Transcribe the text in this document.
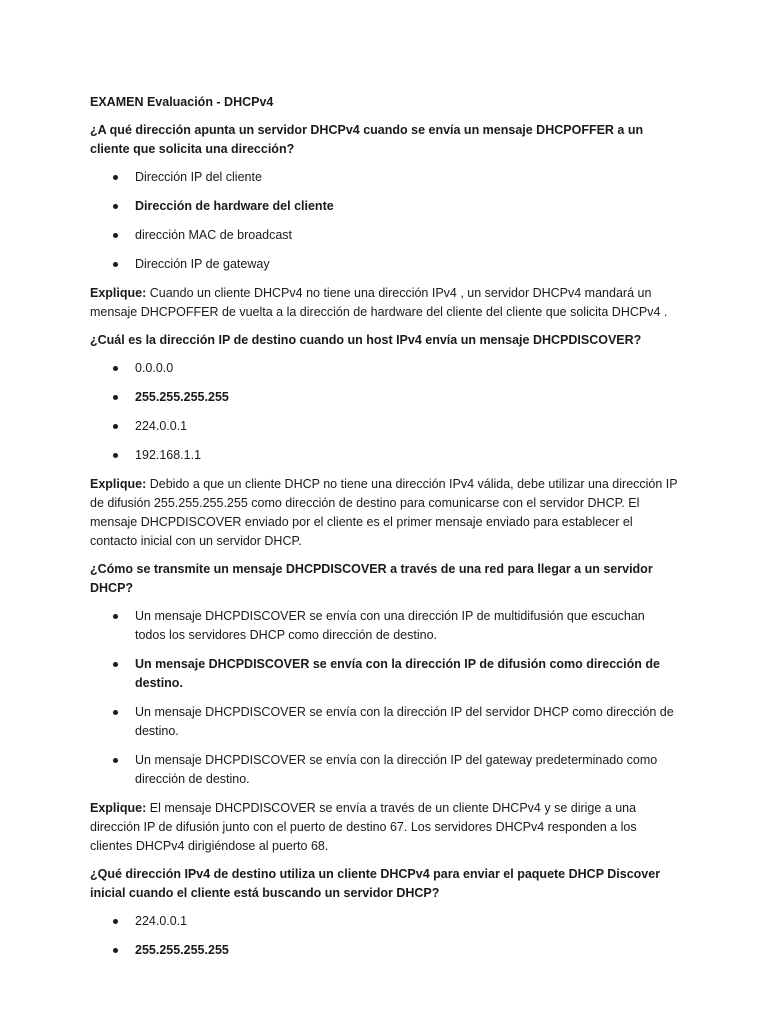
EXAMEN Evaluación - DHCPv4
¿A qué dirección apunta un servidor DHCPv4 cuando se envía un mensaje DHCPOFFER a un cliente que solicita una dirección?
Dirección IP del cliente
Dirección de hardware del cliente
dirección MAC de broadcast
Dirección IP de gateway
Explique: Cuando un cliente DHCPv4 no tiene una dirección IPv4 , un servidor DHCPv4 mandará un mensaje DHCPOFFER de vuelta a la dirección de hardware del cliente del cliente que solicita DHCPv4 .
¿Cuál es la dirección IP de destino cuando un host IPv4 envía un mensaje DHCPDISCOVER?
0.0.0.0
255.255.255.255
224.0.0.1
192.168.1.1
Explique: Debido a que un cliente DHCP no tiene una dirección IPv4 válida, debe utilizar una dirección IP de difusión 255.255.255.255 como dirección de destino para comunicarse con el servidor DHCP. El mensaje DHCPDISCOVER enviado por el cliente es el primer mensaje enviado para establecer el contacto inicial con un servidor DHCP.
¿Cómo se transmite un mensaje DHCPDISCOVER a través de una red para llegar a un servidor DHCP?
Un mensaje DHCPDISCOVER se envía con una dirección IP de multidifusión que escuchan todos los servidores DHCP como dirección de destino.
Un mensaje DHCPDISCOVER se envía con la dirección IP de difusión como dirección de destino.
Un mensaje DHCPDISCOVER se envía con la dirección IP del servidor DHCP como dirección de destino.
Un mensaje DHCPDISCOVER se envía con la dirección IP del gateway predeterminado como dirección de destino.
Explique: El mensaje DHCPDISCOVER se envía a través de un cliente DHCPv4 y se dirige a una dirección IP de difusión junto con el puerto de destino 67. Los servidores DHCPv4 responden a los clientes DHCPv4 dirigiéndose al puerto 68.
¿Qué dirección IPv4 de destino utiliza un cliente DHCPv4 para enviar el paquete DHCP Discover inicial cuando el cliente está buscando un servidor DHCP?
224.0.0.1
255.255.255.255
